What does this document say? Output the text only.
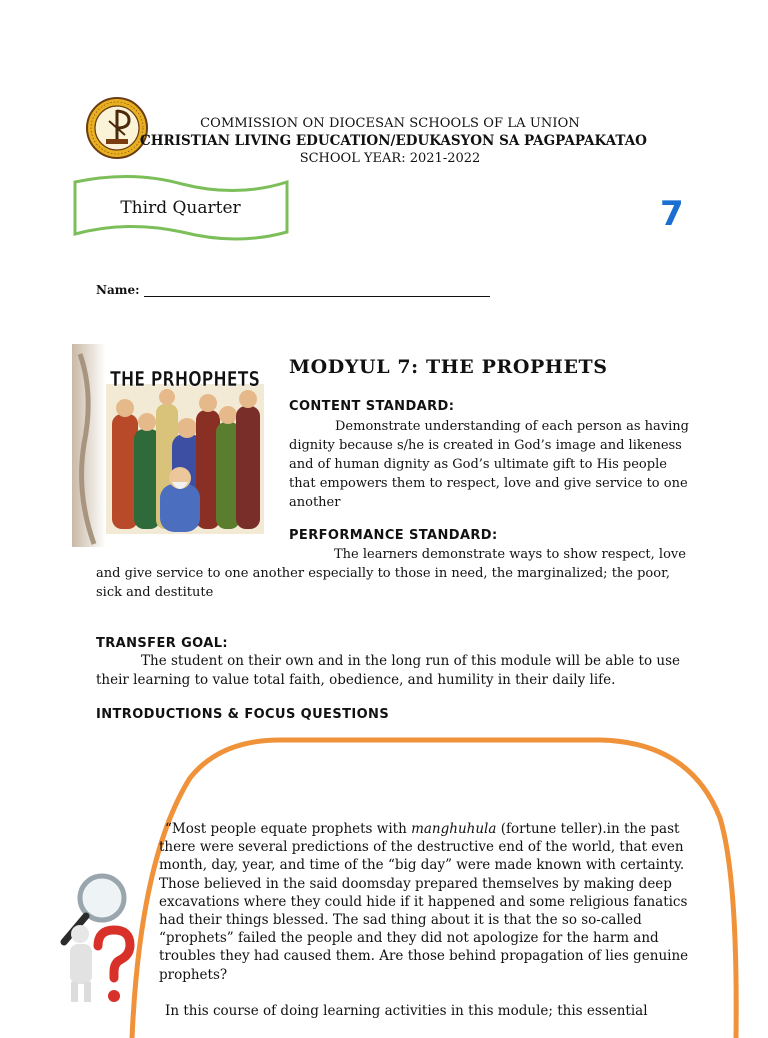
COMMISSION ON DIOCESAN SCHOOLS OF LA UNION
CHRISTIAN LIVING EDUCATION/EDUKASYON SA PAGPAPAKATAO
SCHOOL YEAR: 2021-2022
Third Quarter	7
Name:
THE PRHOPHETS MODYUL 7: THE PROPHETS
CONTENT STANDARD:
Demonstrate understanding of each person as having dignity because s/he is created in God’s image and likeness and of human dignity as God’s ultimate gift to His people that empowers them to respect, love and give service to one another
PERFORMANCE STANDARD:
The learners demonstrate ways to show respect, love and give service to one another especially to those in need, the marginalized; the poor, sick and destitute
TRANSFER GOAL:
The student on their own and in the long run of this module will be able to use their learning to value total faith, obedience, and humility in their daily life.
INTRODUCTIONS & FOCUS QUESTIONS
“Most people equate prophets with manghuhula (fortune teller).in the past there were several predictions of the destructive end of the world, that even month, day, year, and time of the “big day” were made known with certainty. Those believed in the said doomsday prepared themselves by making deep excavations where they could hide if it happened and some religious fanatics had their things blessed. The sad thing about it is that the so so-called “prophets” failed the people and they did not apologize for the harm and troubles they had caused them. Are those behind propagation of lies genuine prophets?
In this course of doing learning activities in this module; this essential
